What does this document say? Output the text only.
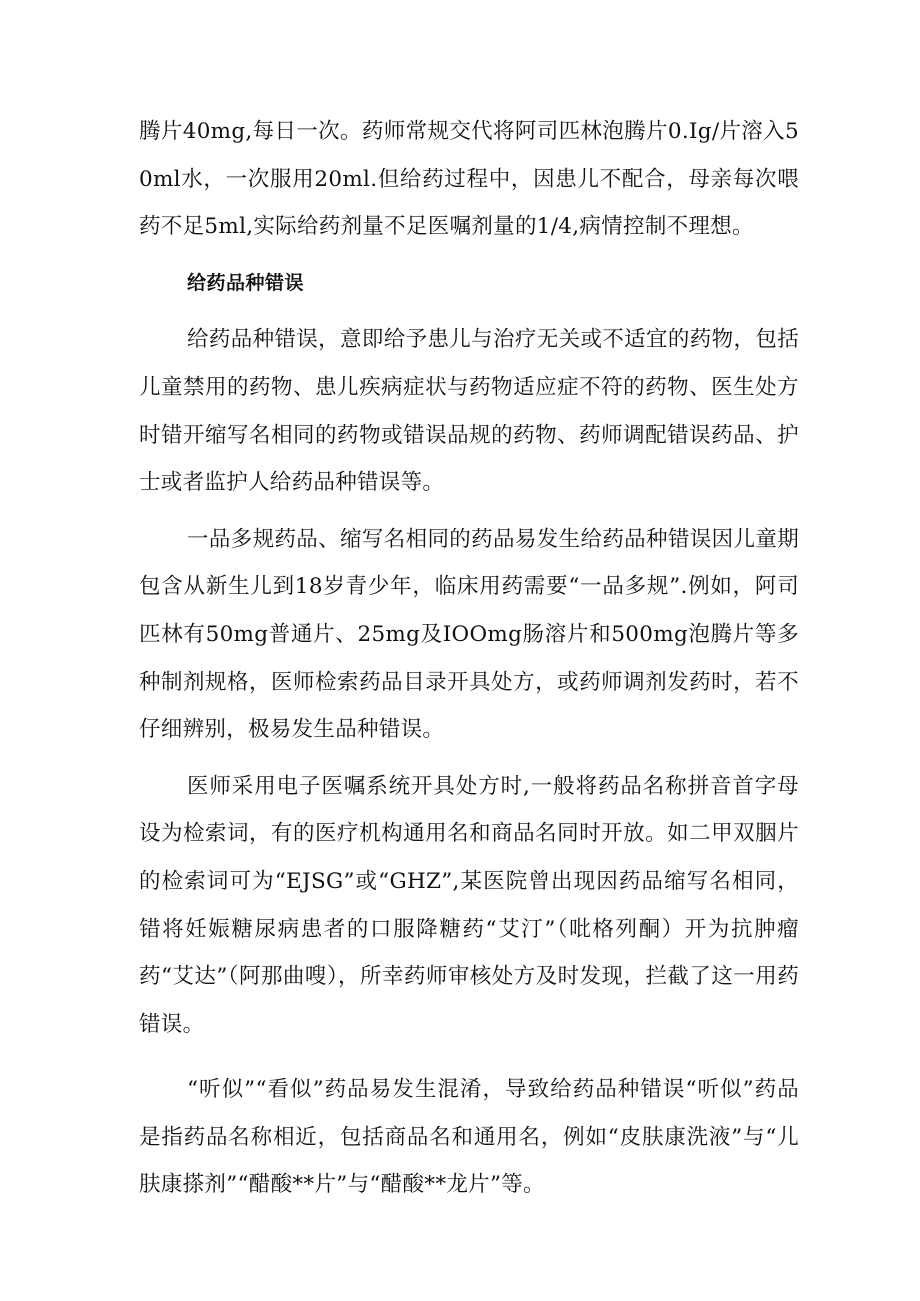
腾片40mg,每日一次。药师常规交代将阿司匹林泡腾片0.Ig/片溶入50ml水，一次服用20ml.但给药过程中，因患儿不配合，母亲每次喂药不足5ml,实际给药剂量不足医嘱剂量的1/4,病情控制不理想。

给药品种错误

给药品种错误，意即给予患儿与治疗无关或不适宜的药物，包括儿童禁用的药物、患儿疾病症状与药物适应症不符的药物、医生处方时错开缩写名相同的药物或错误品规的药物、药师调配错误药品、护士或者监护人给药品种错误等。

一品多规药品、缩写名相同的药品易发生给药品种错误因儿童期包含从新生儿到18岁青少年，临床用药需要“一品多规”.例如，阿司匹林有50mg普通片、25mg及IOOmg肠溶片和500mg泡腾片等多种制剂规格，医师检索药品目录开具处方，或药师调剂发药时，若不仔细辨别，极易发生品种错误。

医师采用电子医嘱系统开具处方时,一般将药品名称拼音首字母设为检索词，有的医疗机构通用名和商品名同时开放。如二甲双胭片的检索词可为“EJSG”或“GHZ”,某医院曾出现因药品缩写名相同，错将妊娠糖尿病患者的口服降糖药“艾汀”（吡格列酮）开为抗肿瘤药“艾达”（阿那曲嗖），所幸药师审核处方及时发现，拦截了这一用药错误。

“听似”“看似”药品易发生混淆，导致给药品种错误“听似”药品是指药品名称相近，包括商品名和通用名，例如“皮肤康洗液”与“儿肤康搽剂”“醋酸**片”与“醋酸**龙片”等。
